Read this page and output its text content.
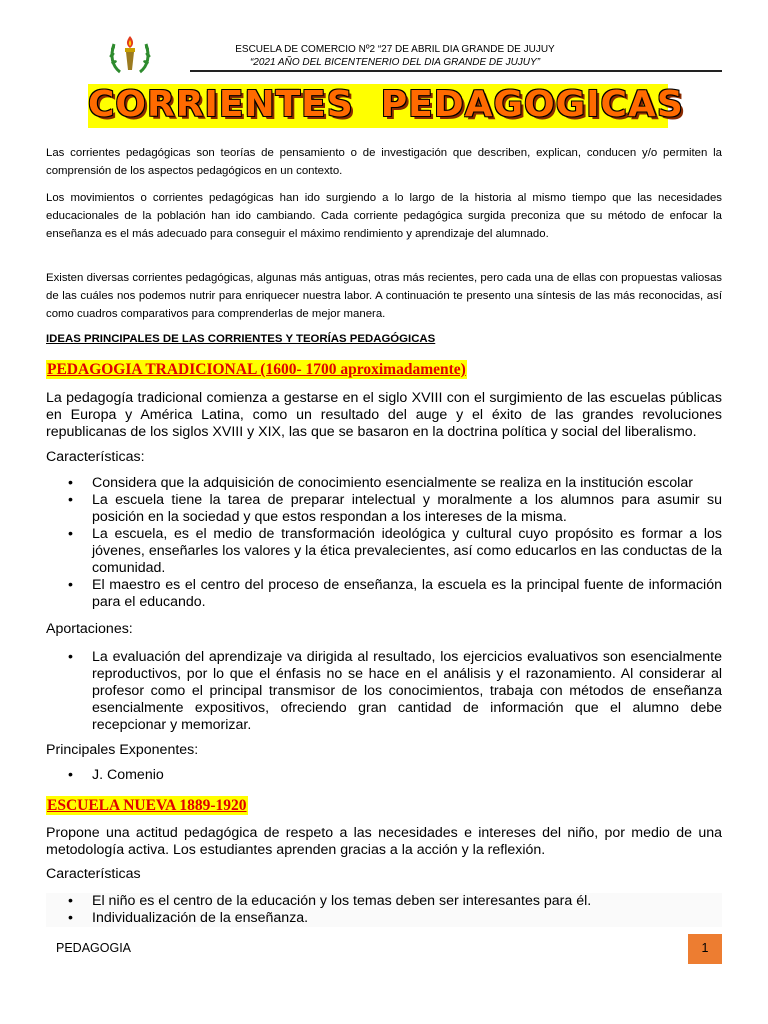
ESCUELA DE COMERCIO Nº2 “27 DE ABRIL DIA GRANDE DE JUJUY
“2021 AÑO DEL BICENTENERIO DEL DIA GRANDE DE JUJUY”
CORRIENTES  PEDAGOGICAS
Las corrientes pedagógicas son teorías de pensamiento o de investigación que describen, explican, conducen y/o permiten la comprensión de los aspectos pedagógicos en un contexto.
Los movimientos o corrientes pedagógicas han ido surgiendo a lo largo de la historia al mismo tiempo que las necesidades educacionales de la población han ido cambiando. Cada corriente pedagógica surgida preconiza que su método de enfocar la enseñanza es el más adecuado para conseguir el máximo rendimiento y aprendizaje del alumnado.
Existen diversas corrientes pedagógicas, algunas más antiguas, otras más recientes, pero cada una de ellas con propuestas valiosas de las cuáles nos podemos nutrir para enriquecer nuestra labor. A continuación te presento una síntesis de las más reconocidas, así como cuadros comparativos para comprenderlas de mejor manera.
IDEAS PRINCIPALES DE LAS CORRIENTES Y TEORÍAS PEDAGÓGICAS
PEDAGOGIA TRADICIONAL (1600- 1700 aproximadamente)
La pedagogía tradicional comienza a gestarse en el siglo XVIII con el surgimiento de las escuelas públicas en Europa y América Latina, como un resultado del auge y el éxito de las grandes revoluciones republicanas de los siglos XVIII y XIX, las que se basaron en la doctrina política y social del liberalismo.
Características:
• Considera que la adquisición de conocimiento esencialmente se realiza en la institución escolar
• La escuela tiene la tarea de preparar intelectual y moralmente a los alumnos para asumir su posición en la sociedad y que estos respondan a los intereses de la misma.
• La escuela, es el medio de transformación ideológica y cultural cuyo propósito es formar a los jóvenes, enseñarles los valores y la ética prevalecientes, así como educarlos en las conductas de la comunidad.
• El maestro es el centro del proceso de enseñanza, la escuela es la principal fuente de información para el educando.
Aportaciones:
• La evaluación del aprendizaje va dirigida al resultado, los ejercicios evaluativos son esencialmente reproductivos, por lo que el énfasis no se hace en el análisis y el razonamiento. Al considerar al profesor como el principal transmisor de los conocimientos, trabaja con métodos de enseñanza esencialmente expositivos, ofreciendo gran cantidad de información que el alumno debe recepcionar y memorizar.
Principales Exponentes:
• J. Comenio
ESCUELA NUEVA 1889-1920
Propone una actitud pedagógica de respeto a las necesidades e intereses del niño, por medio de una metodología activa. Los estudiantes aprenden gracias a la acción y la reflexión.
Características
• El niño es el centro de la educación y los temas deben ser interesantes para él.
• Individualización de la enseñanza.
PEDAGOGIA	1
